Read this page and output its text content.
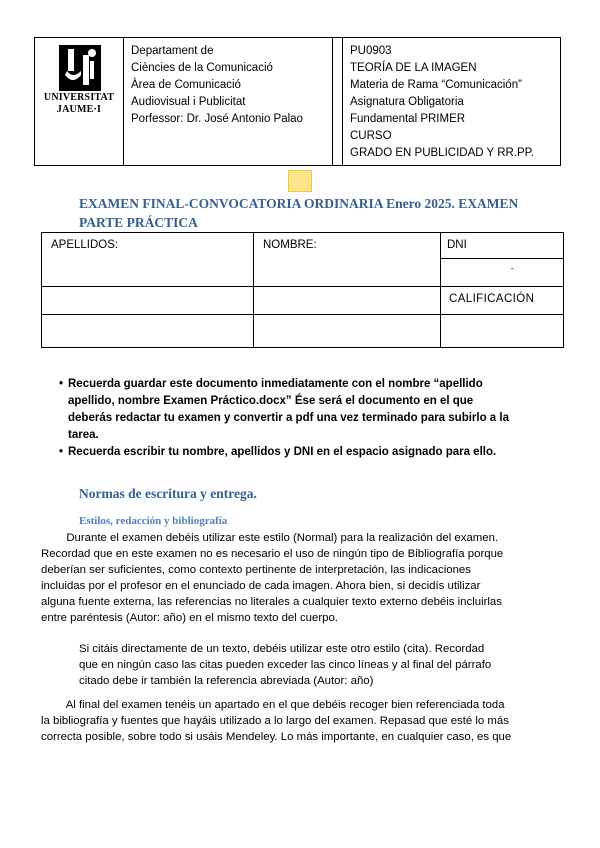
UNIVERSITAT
JAUME·I

Departament de
Ciències de la Comunicació
Àrea de Comunicació
Audiovisual i Publicitat
Porfessor: Dr. José Antonio Palao

PU0903
TEORÍA DE LA IMAGEN
Materia de Rama “Comunicación”
Asignatura Obligatoria
Fundamental PRIMER
CURSO
GRADO EN PUBLICIDAD Y RR.PP.
EXAMEN FINAL-CONVOCATORIA ORDINARIA Enero 2025. EXAMEN PARTE PRÁCTICA
APELLIDOS:	NOMBRE:	DNI

		CALIFICACIÓN

• Recuerda guardar este documento inmediatamente con el nombre “apellido
apellido, nombre Examen Práctico.docx” Ése será el documento en el que
deberás redactar tu examen y convertir a pdf una vez terminado para subirlo a la
tarea.
• Recuerda escribir tu nombre, apellidos y DNI en el espacio asignado para ello.
Normas de escritura y entrega.
Estilos, redacción y bibliografía
Durante el examen debéis utilizar este estilo (Normal) para la realización del examen.
Recordad que en este examen no es necesario el uso de ningún tipo de Bibliografía porque
deberían ser suficientes, como contexto pertinente de interpretación, las indicaciones
incluidas por el profesor en el enunciado de cada imagen. Ahora bien, si decidís utilizar
alguna fuente externa, las referencias no literales a cualquier texto externo debéis incluirlas
entre paréntesis (Autor: año) en el mismo texto del cuerpo.
Si citáis directamente de un texto, debéis utilizar este otro estilo (cita). Recordad
que en ningún caso las citas pueden exceder las cinco líneas y al final del párrafo
citado debe ir también la referencia abreviada (Autor: año)
Al final del examen tenéis un apartado en el que debéis recoger bien referenciada toda
la bibliografía y fuentes que hayáis utilizado a lo largo del examen. Repasad que esté lo más
correcta posible, sobre todo si usáis Mendeley. Lo más importante, en cualquier caso, es que
